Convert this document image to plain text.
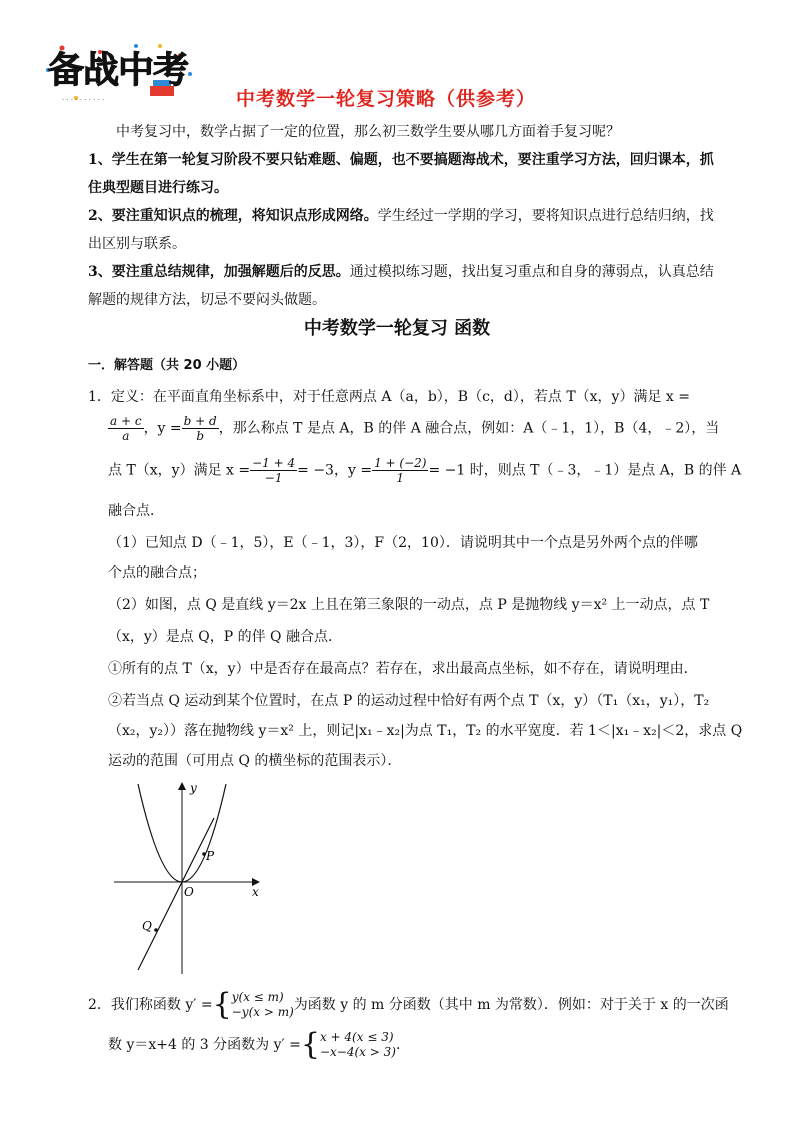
· · · · · · · · · ·
备战中考
中考数学一轮复习策略（供参考）
中考复习中，数学占据了一定的位置，那么初三数学生要从哪几方面着手复习呢？
1、学生在第一轮复习阶段不要只钻难题、偏题，也不要搞题海战术，要注重学习方法，回归课本，抓住典型题目进行练习。
2、要注重知识点的梳理，将知识点形成网络。学生经过一学期的学习，要将知识点进行总结归纳，找出区别与联系。
3、要注重总结规律，加强解题后的反思。通过模拟练习题，找出复习重点和自身的薄弱点，认真总结解题的规律方法，切忌不要闷头做题。
中考数学一轮复习 函数
一．解答题（共 20 小题）
1．定义：在平面直角坐标系中，对于任意两点 A（a，b），B（c，d），若点 T（x，y）满足 x =
$\frac{a + c}{a}$ ，$y = \frac{b + d}{b}$ ，那么称点 T 是点 A，B 的伴 A 融合点，例如：A（﹣1，1），B（4，﹣2），当
点 T（x，y）满足 $x = \frac{-1 + 4}{-1} = -3$，$y = \frac{1 + (-2)}{1} = -1$ 时，则点 T（﹣3，﹣1）是点 A，B 的伴 A
融合点．
（1）已知点 D（﹣1，5），E（﹣1，3），F（2，10）．请说明其中一个点是另外两个点的伴哪
个点的融合点；
（2）如图，点 Q 是直线 y＝2x 上且在第三象限的一动点，点 P 是抛物线 y＝x² 上一动点，点 T
（x，y）是点 Q，P 的伴 Q 融合点．
①所有的点 T（x，y）中是否存在最高点？若存在，求出最高点坐标，如不存在，请说明理由．
②若当点 Q 运动到某个位置时，在点 P 的运动过程中恰好有两个点 T（x，y）（T₁（x₁，y₁），T₂
（x₂，y₂））落在抛物线 y＝x² 上，则记|x₁﹣x₂|为点 T₁，T₂ 的水平宽度．若 1＜|x₁﹣x₂|＜2，求点 Q
运动的范围（可用点 Q 的横坐标的范围表示）．
y
x
O
P
Q
2．我们称函数 y′ ={ y(x ≤ m)
−y(x > m) 为函数 y 的 m 分函数（其中 m 为常数）．例如：对于关于 x 的一次函
数 y＝x+4 的 3 分函数为 y′ ={ x + 4(x ≤ 3)
−x−4(x > 3) ．
